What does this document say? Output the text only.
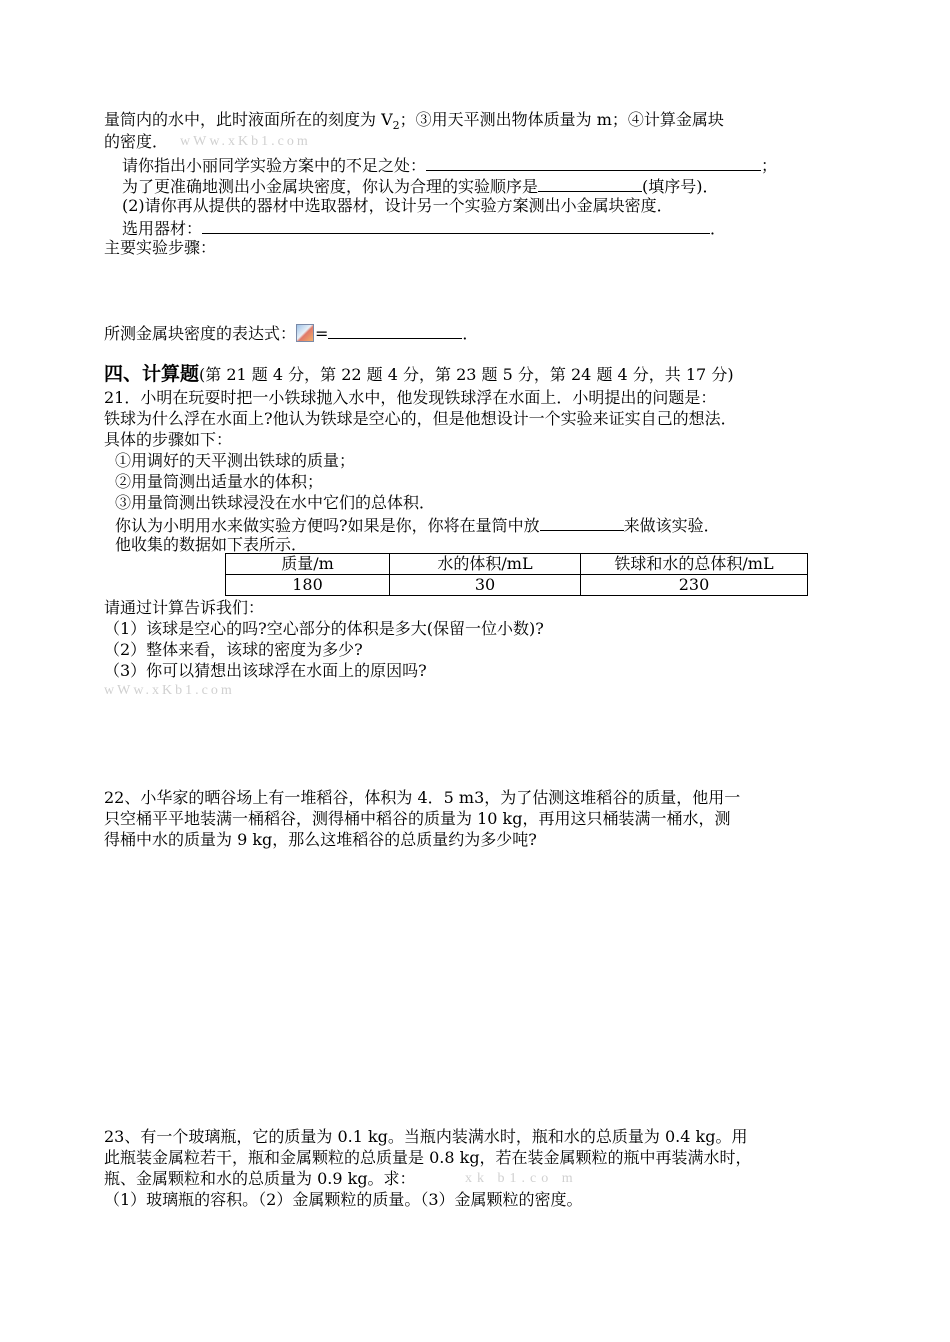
量筒内的水中，此时液面所在的刻度为 $V_2$；③用天平测出物体质量为 m；④计算金属块
的密度． wWw.xKb1.com
请你指出小丽同学实验方案中的不足之处：	；
为了更准确地测出小金属块密度，你认为合理的实验顺序是	(填序号)．
(2)请你再从提供的器材中选取器材，设计另一个实验方案测出小金属块密度．
选用器材：	．
主要实验步骤：
所测金属块密度的表达式： =	．
四、计算题(第 21 题 4 分，第 22 题 4 分，第 23 题 5 分，第 24 题 4 分，共 17 分)
21．小明在玩耍时把一小铁球抛入水中，他发现铁球浮在水面上．小明提出的问题是：
铁球为什么浮在水面上?他认为铁球是空心的，但是他想设计一个实验来证实自己的想法．
具体的步骤如下：
①用调好的天平测出铁球的质量；
②用量筒测出适量水的体积；
③用量筒测出铁球浸没在水中它们的总体积．
你认为小明用水来做实验方便吗?如果是你，你将在量筒中放	来做该实验．
他收集的数据如下表所示．
质量/m	水的体积/mL	铁球和水的总体积/mL
180	30	230
请通过计算告诉我们：
（1）该球是空心的吗?空心部分的体积是多大(保留一位小数)?
（2）整体来看，该球的密度为多少?
（3）你可以猜想出该球浮在水面上的原因吗?
wWw.xKb1.com
22、小华家的晒谷场上有一堆稻谷，体积为 4．5 m3，为了估测这堆稻谷的质量，他用一
只空桶平平地装满一桶稻谷，测得桶中稻谷的质量为 10 kg，再用这只桶装满一桶水，测
得桶中水的质量为 9 kg，那么这堆稻谷的总质量约为多少吨?
23、有一个玻璃瓶，它的质量为 0.1 kg。当瓶内装满水时，瓶和水的总质量为 0.4 kg。用
此瓶装金属粒若干，瓶和金属颗粒的总质量是 0.8 kg，若在装金属颗粒的瓶中再装满水时，
瓶、金属颗粒和水的总质量为 0.9 kg。求：	xk b1.co m
（1）玻璃瓶的容积。（2）金属颗粒的质量。（3）金属颗粒的密度。
